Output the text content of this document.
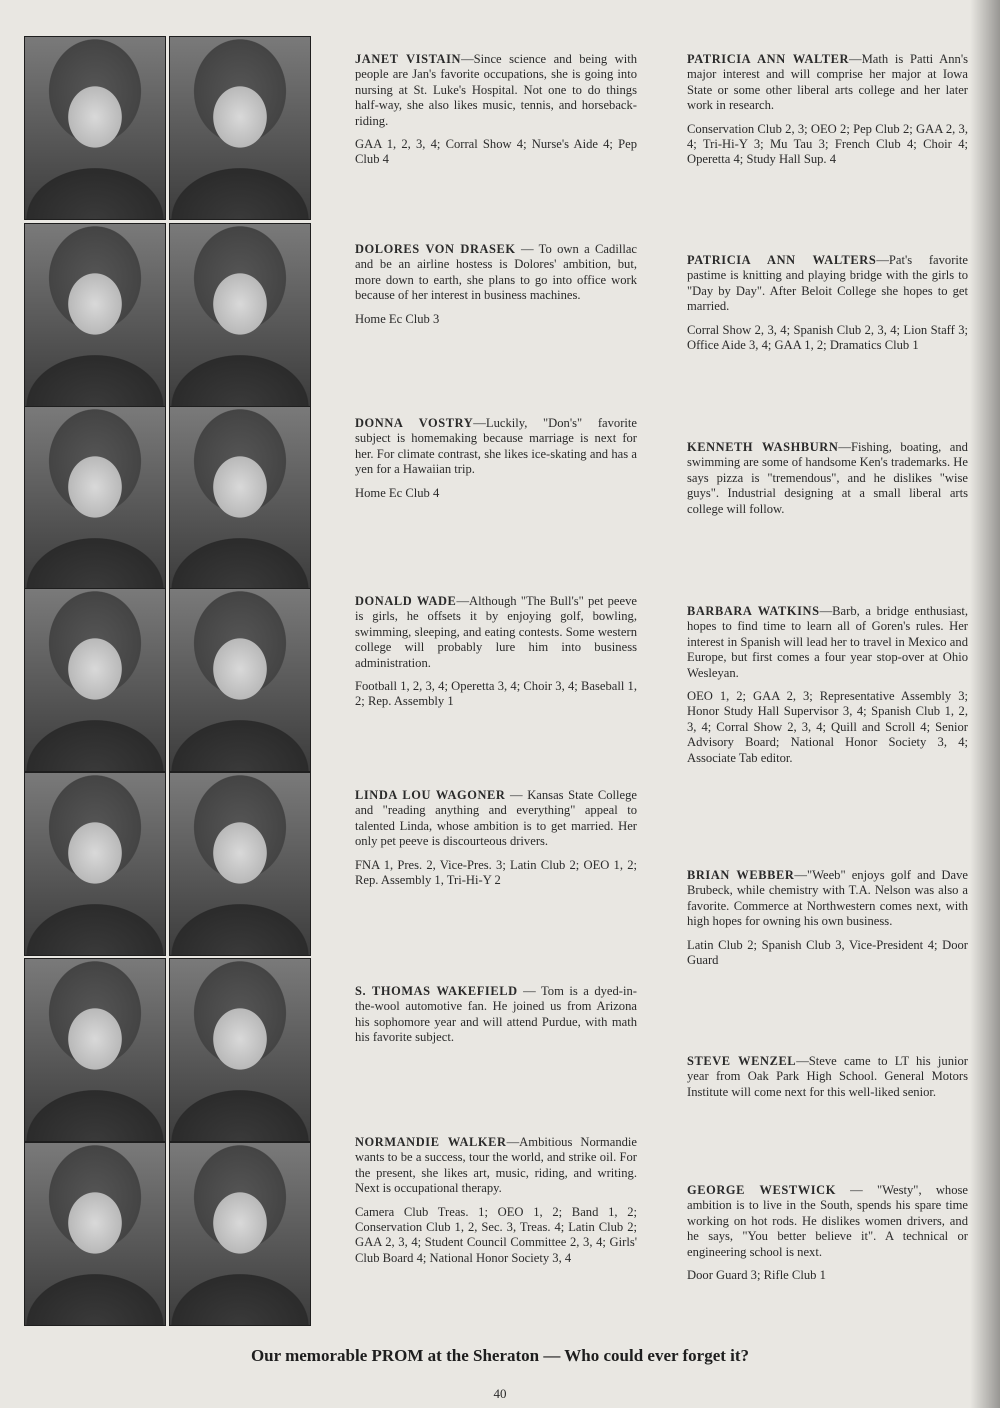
JANET VISTAIN—Since science and being with people are Jan's favorite occupations, she is going into nursing at St. Luke's Hospital. Not one to do things half-way, she also likes music, tennis, and horseback-riding.
GAA 1, 2, 3, 4; Corral Show 4; Nurse's Aide 4; Pep Club 4
DOLORES VON DRASEK — To own a Cadillac and be an airline hostess is Dolores' ambition, but, more down to earth, she plans to go into office work because of her interest in business machines.
Home Ec Club 3
DONNA VOSTRY—Luckily, "Don's" favorite subject is homemaking because marriage is next for her. For climate contrast, she likes ice-skating and has a yen for a Hawaiian trip.
Home Ec Club 4
DONALD WADE—Although "The Bull's" pet peeve is girls, he offsets it by enjoying golf, bowling, swimming, sleeping, and eating contests. Some western college will probably lure him into business administration.
Football 1, 2, 3, 4; Operetta 3, 4; Choir 3, 4; Baseball 1, 2; Rep. Assembly 1
LINDA LOU WAGONER — Kansas State College and "reading anything and everything" appeal to talented Linda, whose ambition is to get married. Her only pet peeve is discourteous drivers.
FNA 1, Pres. 2, Vice-Pres. 3; Latin Club 2; OEO 1, 2; Rep. Assembly 1, Tri-Hi-Y 2
S. THOMAS WAKEFIELD — Tom is a dyed-in-the-wool automotive fan. He joined us from Arizona his sophomore year and will attend Purdue, with math his favorite subject.
NORMANDIE WALKER—Ambitious Normandie wants to be a success, tour the world, and strike oil. For the present, she likes art, music, riding, and writing. Next is occupational therapy.
Camera Club Treas. 1; OEO 1, 2; Band 1, 2; Conservation Club 1, 2, Sec. 3, Treas. 4; Latin Club 2; GAA 2, 3, 4; Student Council Committee 2, 3, 4; Girls' Club Board 4; National Honor Society 3, 4
PATRICIA ANN WALTER—Math is Patti Ann's major interest and will comprise her major at Iowa State or some other liberal arts college and her later work in research.
Conservation Club 2, 3; OEO 2; Pep Club 2; GAA 2, 3, 4; Tri-Hi-Y 3; Mu Tau 3; French Club 4; Choir 4; Operetta 4; Study Hall Sup. 4
PATRICIA ANN WALTERS—Pat's favorite pastime is knitting and playing bridge with the girls to "Day by Day". After Beloit College she hopes to get married.
Corral Show 2, 3, 4; Spanish Club 2, 3, 4; Lion Staff 3; Office Aide 3, 4; GAA 1, 2; Dramatics Club 1
KENNETH WASHBURN—Fishing, boating, and swimming are some of handsome Ken's trademarks. He says pizza is "tremendous", and he dislikes "wise guys". Industrial designing at a small liberal arts college will follow.
BARBARA WATKINS—Barb, a bridge enthusiast, hopes to find time to learn all of Goren's rules. Her interest in Spanish will lead her to travel in Mexico and Europe, but first comes a four year stop-over at Ohio Wesleyan.
OEO 1, 2; GAA 2, 3; Representative Assembly 3; Honor Study Hall Supervisor 3, 4; Spanish Club 1, 2, 3, 4; Corral Show 2, 3, 4; Quill and Scroll 4; Senior Advisory Board; National Honor Society 3, 4; Associate Tab editor.
BRIAN WEBBER—"Weeb" enjoys golf and Dave Brubeck, while chemistry with T.A. Nelson was also a favorite. Commerce at Northwestern comes next, with high hopes for owning his own business.
Latin Club 2; Spanish Club 3, Vice-President 4; Door Guard
STEVE WENZEL—Steve came to LT his junior year from Oak Park High School. General Motors Institute will come next for this well-liked senior.
GEORGE WESTWICK — "Westy", whose ambition is to live in the South, spends his spare time working on hot rods. He dislikes women drivers, and he says, "You better believe it". A technical or engineering school is next.
Door Guard 3; Rifle Club 1
Our memorable PROM at the Sheraton — Who could ever forget it?
40
